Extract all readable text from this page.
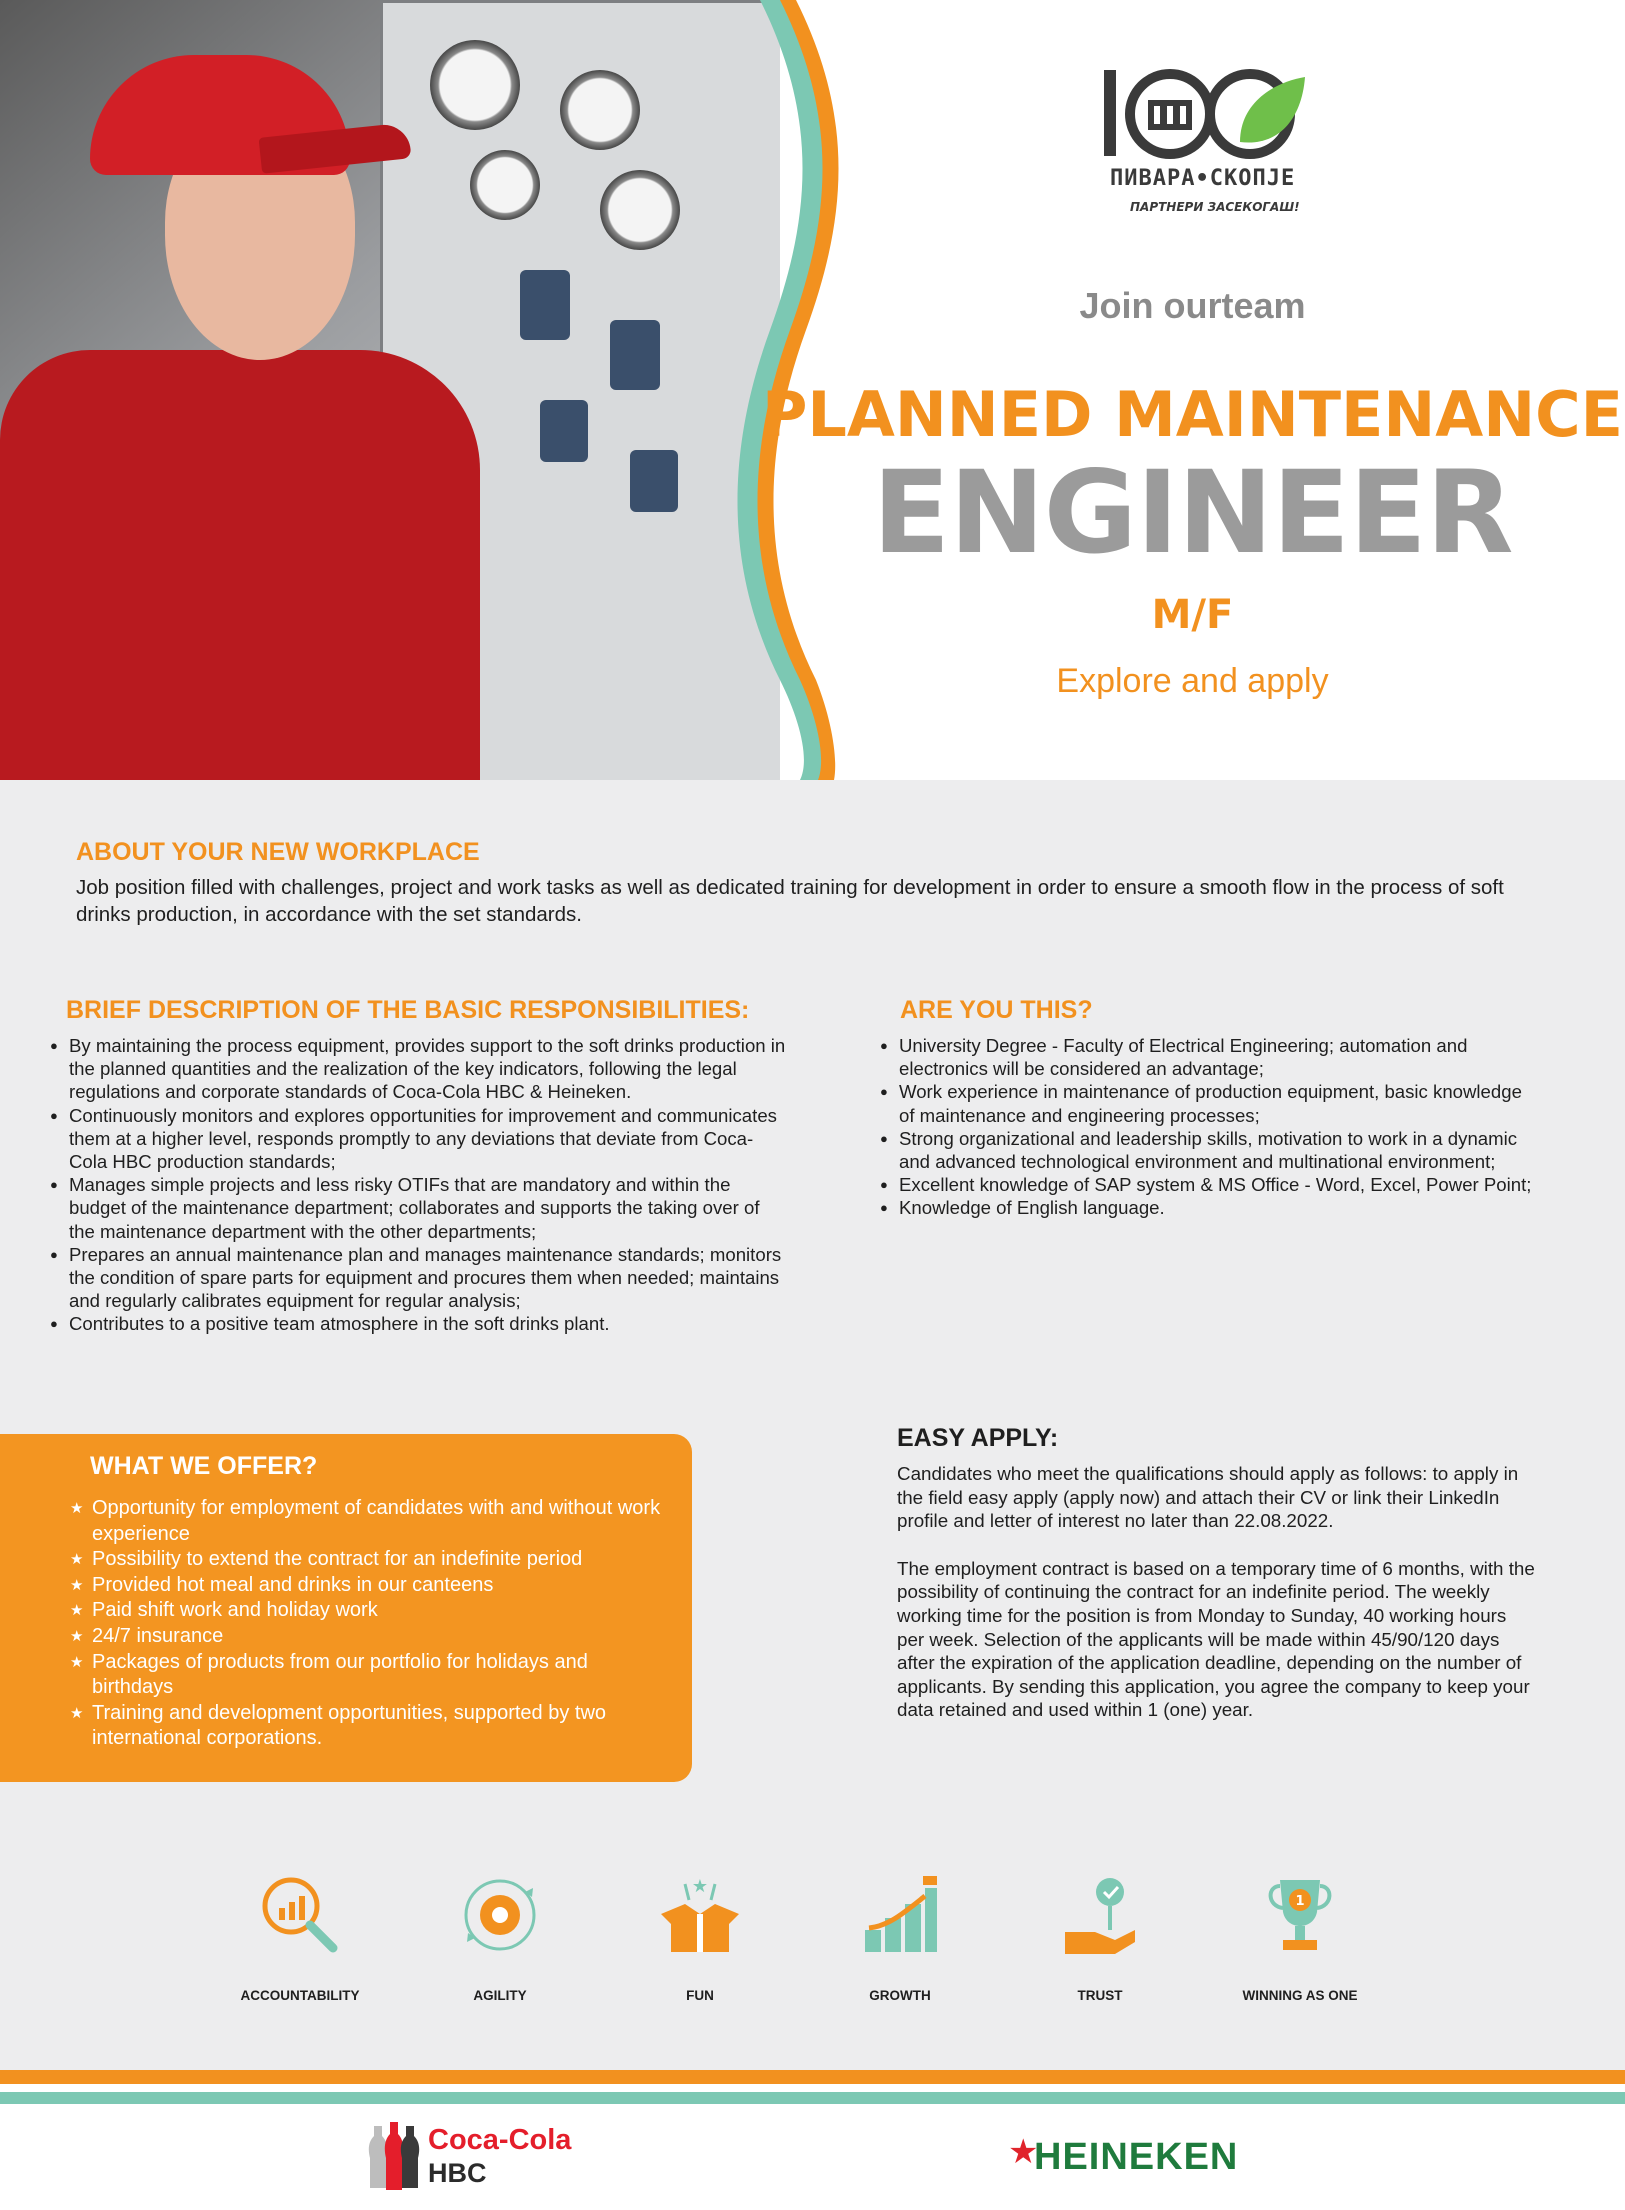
ПИВАРА•СКОПЈЕ
ПАРТНЕРИ ЗАСЕКОГАШ!
Join ourteam
PLANNED MAINTENANCE
ENGINEER
M/F
Explore and apply
ABOUT YOUR NEW WORKPLACE
Job position filled with challenges, project and work tasks as well as dedicated training for development in order to ensure a smooth flow in the process of soft drinks production, in accordance with the set standards.
BRIEF DESCRIPTION OF THE BASIC RESPONSIBILITIES:
● By maintaining the process equipment, provides support to the soft drinks production in the planned quantities and the realization of the key indicators, following the legal regulations and corporate standards of Coca-Cola HBC & Heineken.
● Continuously monitors and explores opportunities for improvement and communicates them at a higher level, responds promptly to any deviations that deviate from Coca-Cola HBC production standards;
● Manages simple projects and less risky OTIFs that are mandatory and within the budget of the maintenance department; collaborates and supports the taking over of the maintenance department with the other departments;
● Prepares an annual maintenance plan and manages maintenance standards; monitors the condition of spare parts for equipment and procures them when needed; maintains and regularly calibrates equipment for regular analysis;
● Contributes to a positive team atmosphere in the soft drinks plant.
ARE YOU THIS?
● University Degree - Faculty of Electrical Engineering; automation and electronics will be considered an advantage;
● Work experience in maintenance of production equipment, basic knowledge of maintenance and engineering processes;
● Strong organizational and leadership skills, motivation to work in a dynamic and advanced technological environment and multinational environment;
● Excellent knowledge of SAP system & MS Office - Word, Excel, Power Point;
● Knowledge of English language.
WHAT WE OFFER?
★ Opportunity for employment of candidates with and without work experience
★ Possibility to extend the contract for an indefinite period
★ Provided hot meal and drinks in our canteens
★ Paid shift work and holiday work
★ 24/7 insurance
★ Packages of products from our portfolio for holidays and birthdays
★ Training and development opportunities, supported by two international corporations.
EASY APPLY:

Candidates who meet the qualifications should apply as follows: to apply in the field easy apply (apply now) and attach their CV or link their LinkedIn profile and letter of interest no later than 22.08.2022.

The employment contract is based on a temporary time of 6 months, with the possibility of continuing the contract for an indefinite period. The weekly working time for the position is from Monday to Sunday, 40 working hours per week. Selection of the applicants will be made within 45/90/120 days after the expiration of the application deadline, depending on the number of applicants. By sending this application, you agree the company to keep your data retained and used within 1 (one) year.

ACCOUNTABILITY	AGILITY
★
FUN	GROWTH	TRUST
1
WINNING AS ONE
Coca-Cola
HBC
★
HEINEKEN
